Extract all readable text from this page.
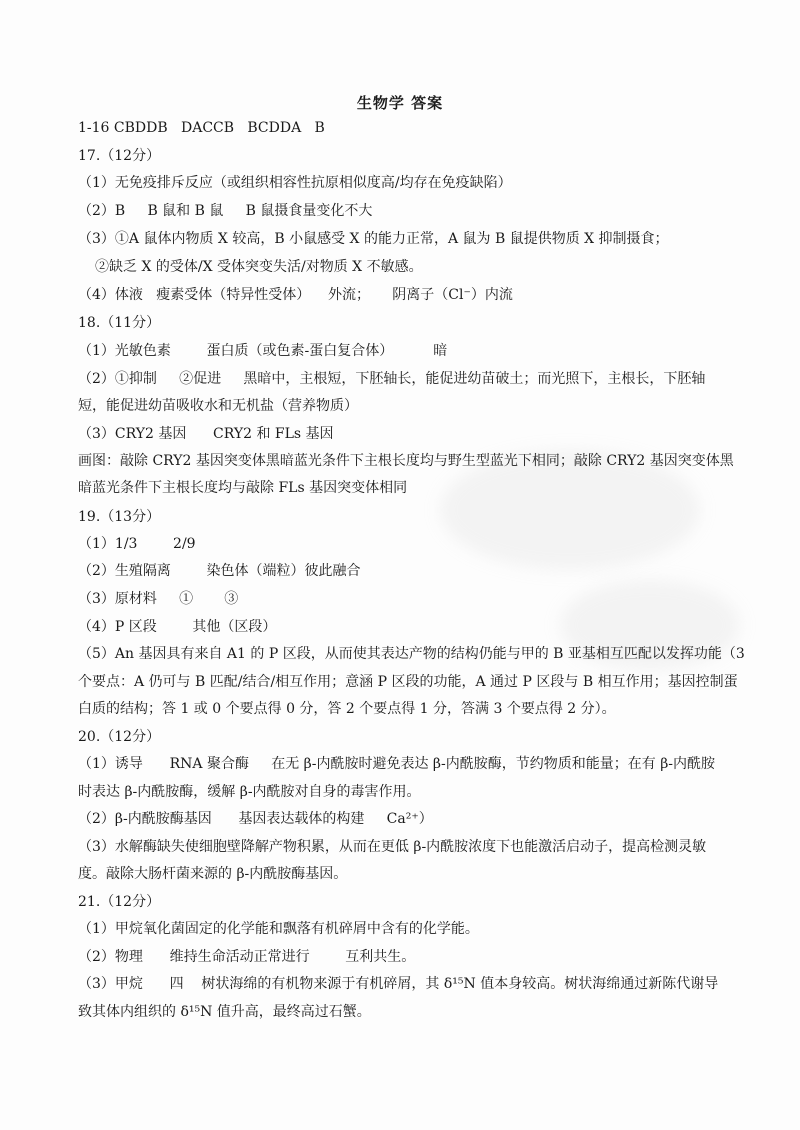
生物学 答案
1-16 CBDDB   DACCB   BCDDA   B
17.（12分）
（1）无免疫排斥反应（或组织相容性抗原相似度高/均存在免疫缺陷）
（2）B     B 鼠和 B 鼠     B 鼠摄食量变化不大
（3）①A 鼠体内物质 X 较高，B 小鼠感受 X 的能力正常，A 鼠为 B 鼠提供物质 X 抑制摄食；
②缺乏 X 的受体/X 受体突变失活/对物质 X 不敏感。
（4）体液   瘦素受体（特异性受体）    外流；     阴离子（Cl⁻）内流
18.（11分）
（1）光敏色素        蛋白质（或色素-蛋白复合体）         暗
（2）①抑制     ②促进     黑暗中，主根短，下胚轴长，能促进幼苗破土；而光照下，主根长，下胚轴
短，能促进幼苗吸收水和无机盐（营养物质）
（3）CRY2 基因      CRY2 和 FLs 基因
画图：敲除 CRY2 基因突变体黑暗蓝光条件下主根长度均与野生型蓝光下相同；敲除 CRY2 基因突变体黑
暗蓝光条件下主根长度均与敲除 FLs 基因突变体相同
19.（13分）
（1）1/3        2/9
（2）生殖隔离        染色体（端粒）彼此融合
（3）原材料     ①       ③
（4）P 区段        其他（区段）
（5）An 基因具有来自 A1 的 P 区段，从而使其表达产物的结构仍能与甲的 B 亚基相互匹配以发挥功能（3
个要点：A 仍可与 B 匹配/结合/相互作用；意涵 P 区段的功能，A 通过 P 区段与 B 相互作用；基因控制蛋
白质的结构；答 1 或 0 个要点得 0 分，答 2 个要点得 1 分，答满 3 个要点得 2 分）。
20.（12分）
（1）诱导      RNA 聚合酶     在无 β-内酰胺时避免表达 β-内酰胺酶，节约物质和能量；在有 β-内酰胺
时表达 β-内酰胺酶，缓解 β-内酰胺对自身的毒害作用。
（2）β-内酰胺酶基因      基因表达载体的构建     Ca²⁺）
（3）水解酶缺失使细胞壁降解产物积累，从而在更低 β-内酰胺浓度下也能激活启动子，提高检测灵敏
度。敲除大肠杆菌来源的 β-内酰胺酶基因。
21.（12分）
（1）甲烷氧化菌固定的化学能和飘落有机碎屑中含有的化学能。
（2）物理      维持生命活动正常进行        互利共生。
（3）甲烷      四    树状海绵的有机物来源于有机碎屑，其 δ¹⁵N 值本身较高。树状海绵通过新陈代谢导
致其体内组织的 δ¹⁵N 值升高，最终高过石蟹。
